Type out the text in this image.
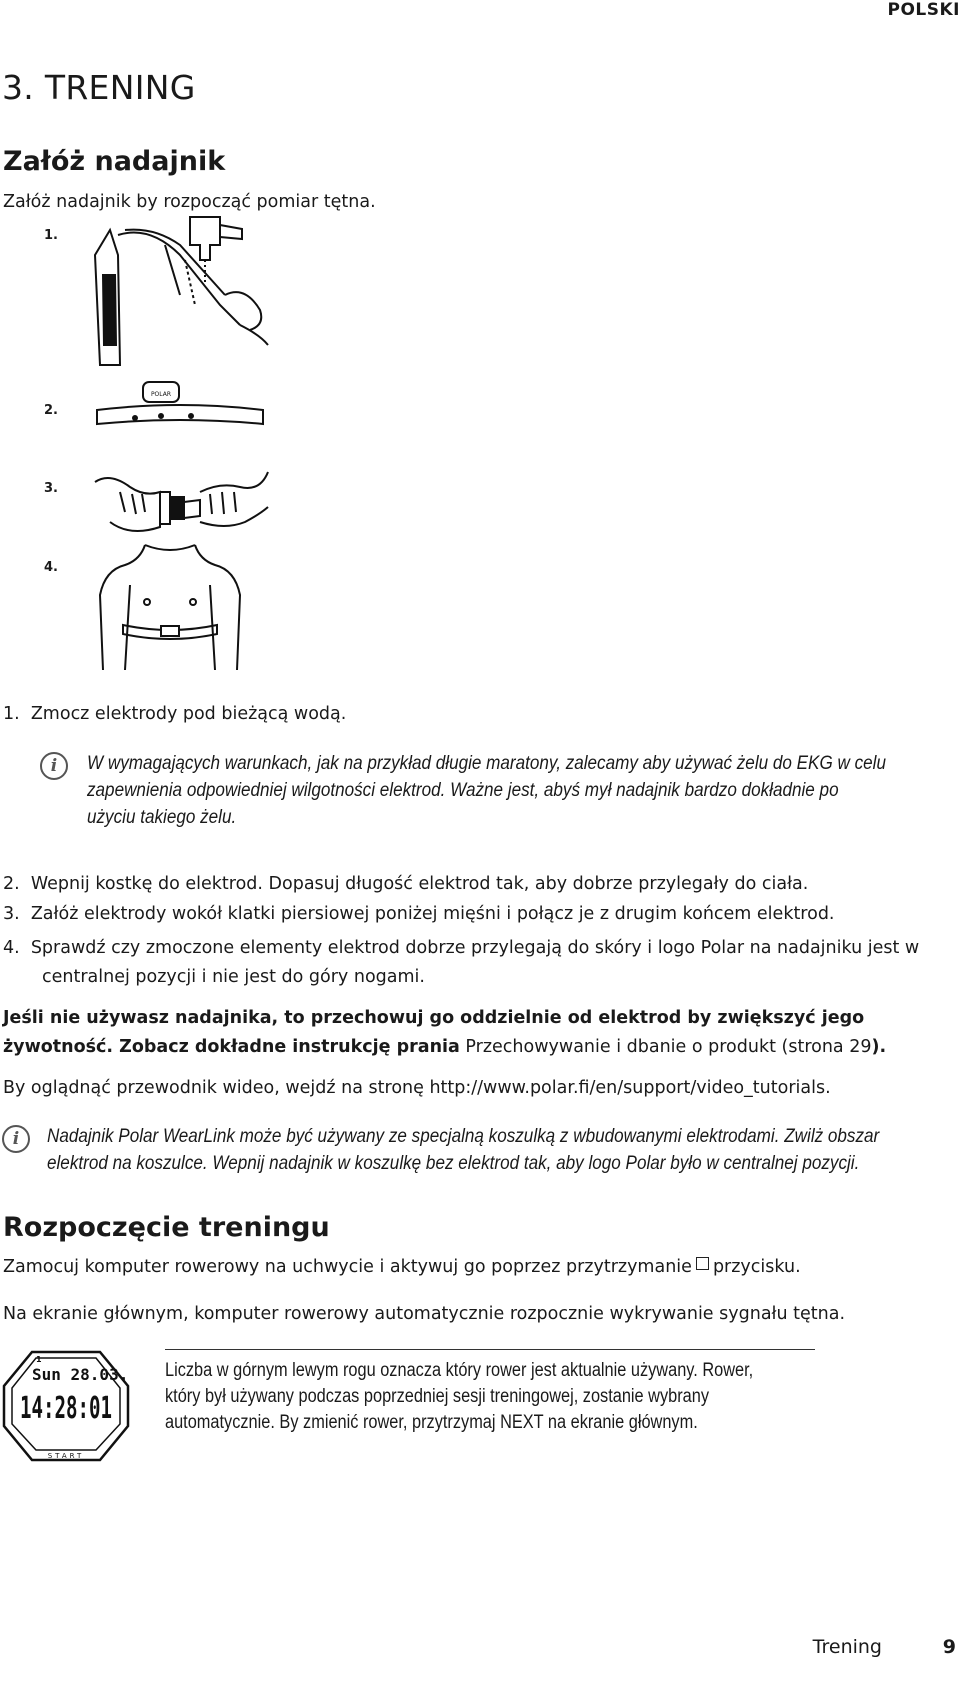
POLSKI
3. TRENING
Załóż nadajnik
Załóż nadajnik by rozpocząć pomiar tętna.
1.
2.
3.
4.
POLAR
1.  Zmocz elektrody pod bieżącą wodą.
i	W wymagających warunkach, jak na przykład długie maratony, zalecamy aby używać żelu do EKG w celu
zapewnienia odpowiedniej wilgotności elektrod. Ważne jest, abyś mył nadajnik bardzo dokładnie po
użyciu takiego żelu.
2.  Wepnij kostkę do elektrod. Dopasuj długość elektrod tak, aby dobrze przylegały do ciała.
3.  Załóż elektrody wokół klatki piersiowej poniżej mięśni i połącz je z drugim końcem elektrod.
4.  Sprawdź czy zmoczone elementy elektrod dobrze przylegają do skóry i logo Polar na nadajniku jest w
centralnej pozycji i nie jest do góry nogami.
Jeśli nie używasz nadajnika, to przechowuj go oddzielnie od elektrod by zwiększyć jego
żywotność. Zobacz dokładne instrukcję prania Przechowywanie i dbanie o produkt (strona 29).
By oglądnąć przewodnik wideo, wejdź na stronę http://www.polar.fi/en/support/video_tutorials.
i	Nadajnik Polar WearLink może być używany ze specjalną koszulką z wbudowanymi elektrodami. Zwilż obszar
elektrod na koszulce. Wepnij nadajnik w koszulkę bez elektrod tak, aby logo Polar było w centralnej pozycji.
Rozpoczęcie treningu
Zamocuj komputer rowerowy na uchwycie i aktywuj go poprzez przytrzymanie przycisku.
Na ekranie głównym, komputer rowerowy automatycznie rozpocznie wykrywanie sygnału tętna.
1
Sun 28.03.
14:28:01
START
Liczba w górnym lewym rogu oznacza który rower jest aktualnie używany. Rower,
który był używany podczas poprzedniej sesji treningowej, zostanie wybrany
automatycznie. By zmienić rower, przytrzymaj NEXT na ekranie głównym.
Trening	9
